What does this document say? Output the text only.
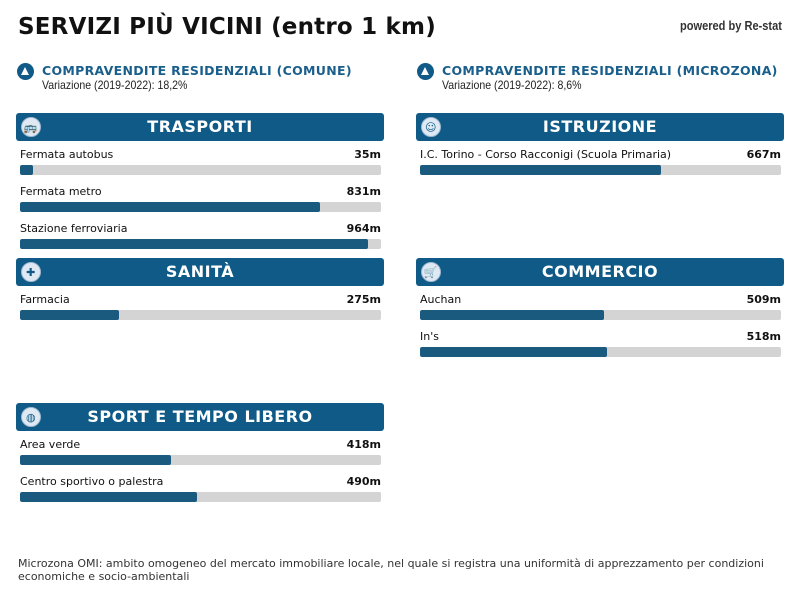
SERVIZI PIÙ VICINI (entro 1 km)	powered by Re-stat
COMPRAVENDITE RESIDENZIALI (COMUNE)
Variazione (2019-2022): 18,2%
COMPRAVENDITE RESIDENZIALI (MICROZONA)
Variazione (2019-2022): 8,6%
🚌	TRASPORTI
Fermata autobus	35m
Fermata metro	831m
Stazione ferroviaria	964m
☺	ISTRUZIONE
I.C. Torino - Corso Racconigi (Scuola Primaria)	667m
✚	SANITÀ
Farmacia	275m
🛒	COMMERCIO
Auchan	509m
In's	518m
◍	SPORT E TEMPO LIBERO
Area verde	418m
Centro sportivo o palestra	490m
Microzona OMI: ambito omogeneo del mercato immobiliare locale, nel quale si registra una uniformità di apprezzamento per condizioni economiche e socio-ambientali
